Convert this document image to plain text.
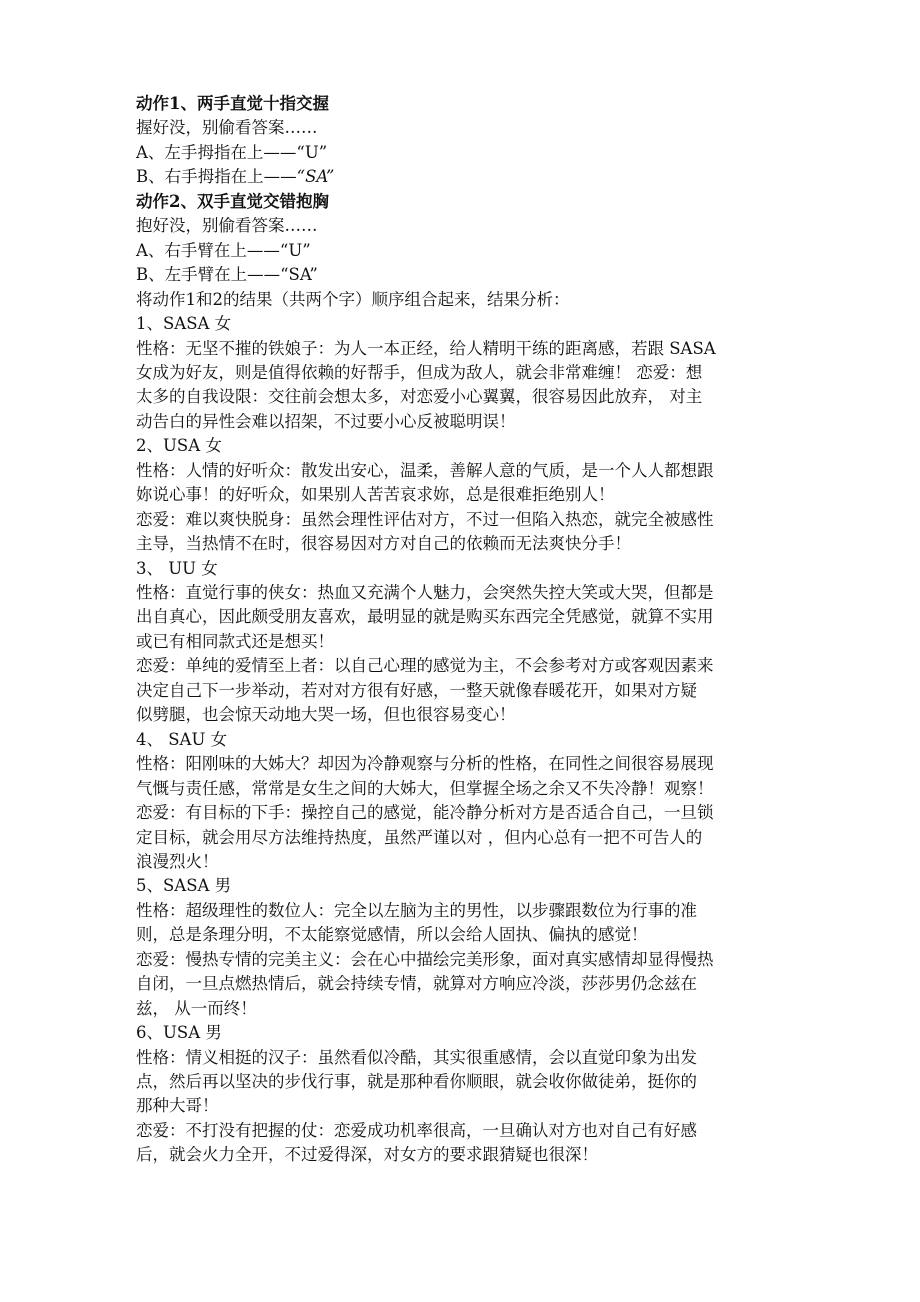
动作1、两手直觉十指交握
握好没，别偷看答案……
A、左手拇指在上——“U”
B、右手拇指在上——“SA”
动作2、双手直觉交错抱胸
抱好没，别偷看答案……
A、右手臂在上——“U”
B、左手臂在上——“SA”
将动作1和2的结果（共两个字）顺序组合起来，结果分析：
1、SASA 女
性格：无坚不摧的铁娘子：为人一本正经，给人精明干练的距离感，若跟 SASA
女成为好友，则是值得依赖的好帮手，但成为敌人，就会非常难缠！ 恋爱：想
太多的自我设限：交往前会想太多，对恋爱小心翼翼，很容易因此放弃， 对主
动告白的异性会难以招架，不过要小心反被聪明误！
2、USA 女
性格：人情的好听众：散发出安心，温柔，善解人意的气质，是一个人人都想跟
妳说心事！的好听众，如果别人苦苦哀求妳，总是很难拒绝别人！
恋爱：难以爽快脱身：虽然会理性评估对方，不过一但陷入热恋，就完全被感性
主导，当热情不在时，很容易因对方对自己的依赖而无法爽快分手！
3、 UU 女
性格：直觉行事的侠女：热血又充满个人魅力，会突然失控大笑或大哭，但都是
出自真心，因此颇受朋友喜欢，最明显的就是购买东西完全凭感觉，就算不实用
或已有相同款式还是想买！
恋爱：单纯的爱情至上者：以自己心理的感觉为主，不会参考对方或客观因素来
决定自己下一步举动，若对对方很有好感，一整天就像春暖花开，如果对方疑
似劈腿，也会惊天动地大哭一场，但也很容易变心！
4、 SAU 女
性格：阳刚味的大姊大？却因为冷静观察与分析的性格，在同性之间很容易展现
气慨与责任感，常常是女生之间的大姊大，但掌握全场之余又不失冷静！观察！
恋爱：有目标的下手：操控自己的感觉，能冷静分析对方是否适合自己，一旦锁
定目标，就会用尽方法维持热度，虽然严谨以对 ，但内心总有一把不可告人的
浪漫烈火！
5、SASA 男
性格：超级理性的数位人：完全以左脑为主的男性，以步骤跟数位为行事的准
则，总是条理分明，不太能察觉感情，所以会给人固执、偏执的感觉！
恋爱：慢热专情的完美主义：会在心中描绘完美形象，面对真实感情却显得慢热
自闭，一旦点燃热情后，就会持续专情，就算对方响应冷淡，莎莎男仍念兹在
兹， 从一而终！
6、USA 男
性格：情义相挺的汉子：虽然看似冷酷，其实很重感情，会以直觉印象为出发
点，然后再以坚决的步伐行事，就是那种看你顺眼，就会收你做徒弟，挺你的
那种大哥！
恋爱：不打没有把握的仗：恋爱成功机率很高，一旦确认对方也对自己有好感
后，就会火力全开，不过爱得深，对女方的要求跟猜疑也很深！
